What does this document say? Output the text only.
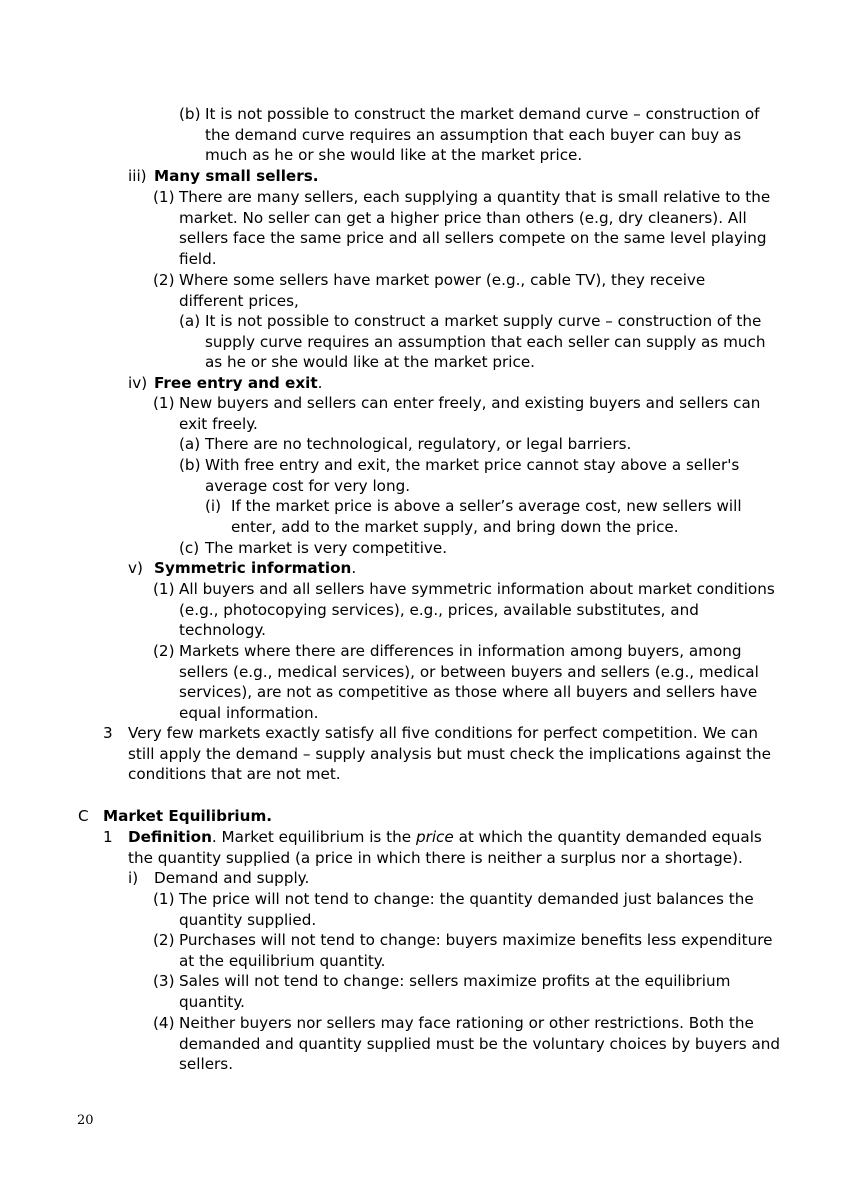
(b) It is not possible to construct the market demand curve – construction of
the demand curve requires an assumption that each buyer can buy as
much as he or she would like at the market price.
iii) Many small sellers.
(1) There are many sellers, each supplying a quantity that is small relative to the
market. No seller can get a higher price than others (e.g, dry cleaners). All
sellers face the same price and all sellers compete on the same level playing
field.
(2) Where some sellers have market power (e.g., cable TV), they receive
different prices,
(a) It is not possible to construct a market supply curve – construction of the
supply curve requires an assumption that each seller can supply as much
as he or she would like at the market price.
iv) Free entry and exit.
(1) New buyers and sellers can enter freely, and existing buyers and sellers can
exit freely.
(a) There are no technological, regulatory, or legal barriers.
(b) With free entry and exit, the market price cannot stay above a seller's
average cost for very long.
(i) If the market price is above a seller’s average cost, new sellers will
enter, add to the market supply, and bring down the price.
(c) The market is very competitive.
v) Symmetric information.
(1) All buyers and all sellers have symmetric information about market conditions
(e.g., photocopying services), e.g., prices, available substitutes, and
technology.
(2) Markets where there are differences in information among buyers, among
sellers (e.g., medical services), or between buyers and sellers (e.g., medical
services), are not as competitive as those where all buyers and sellers have
equal information.
3 Very few markets exactly satisfy all five conditions for perfect competition. We can
still apply the demand – supply analysis but must check the implications against the
conditions that are not met.
C Market Equilibrium.
1 Definition. Market equilibrium is the price at which the quantity demanded equals
the quantity supplied (a price in which there is neither a surplus nor a shortage).
i) Demand and supply.
(1) The price will not tend to change: the quantity demanded just balances the
quantity supplied.
(2) Purchases will not tend to change: buyers maximize benefits less expenditure
at the equilibrium quantity.
(3) Sales will not tend to change: sellers maximize profits at the equilibrium
quantity.
(4) Neither buyers nor sellers may face rationing or other restrictions. Both the
demanded and quantity supplied must be the voluntary choices by buyers and
sellers.
20
